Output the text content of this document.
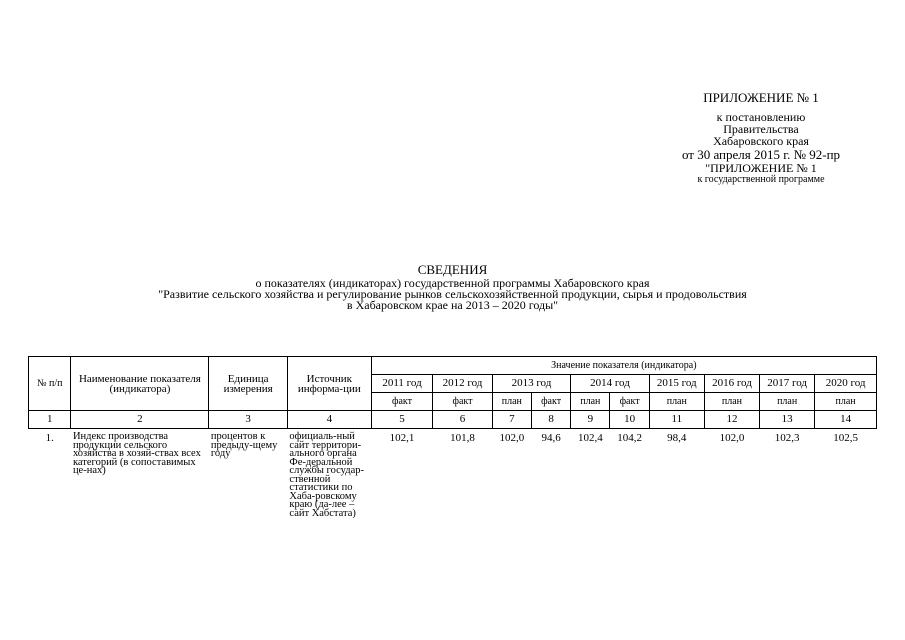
ПРИЛОЖЕНИЕ № 1
к постановлению
Правительства
Хабаровского края
от 30 апреля 2015 г. № 92-пр
"ПРИЛОЖЕНИЕ № 1
к государственной программе
СВЕДЕНИЯ
о показателях (индикаторах) государственной программы Хабаровского края
"Развитие сельского хозяйства и регулирование рынков сельскохозяйственной продукции, сырья и продовольствия
в Хабаровском крае на 2013 – 2020 годы"
№ п/п	Наименование показателя (индикатора)	Единица измерения	Источник информа-ции	Значение показателя (индикатора)									
				2011 год	2012 год	2013 год		2014 год		2015 год	2016 год	2017 год	2020 год
				факт	факт	план	факт	план	факт	план	план	план	план
1	2	3	4	5	6	7	8	9	10	11	12	13	14
1.	Индекс производства продукции сельского хозяйства в хозяй-ствах всех категорий (в сопоставимых це-нах)	процентов к предыду-щему году	официаль-ный сайт территори-ального органа Фе-деральной службы государ-ственной статистики по Хаба-ровскому краю (да-лее – сайт Хабстата)	102,1	101,8	102,0	94,6	102,4	104,2	98,4	102,0	102,3	102,5
